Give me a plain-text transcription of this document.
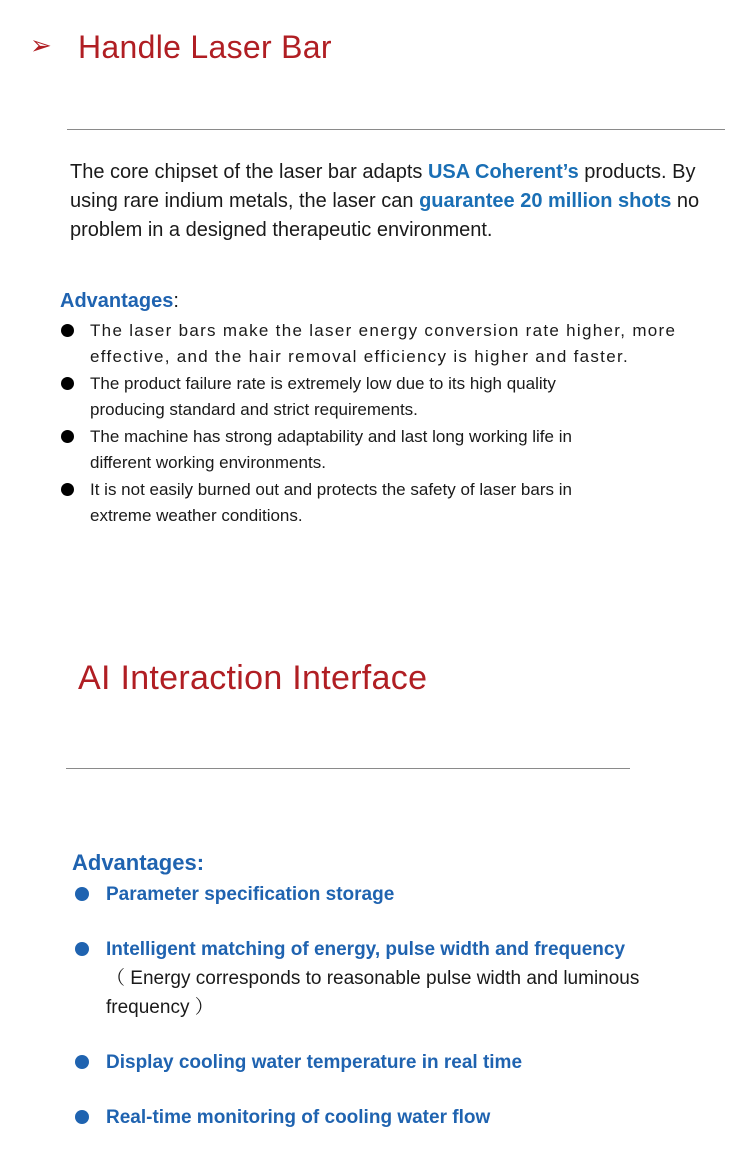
➢ Handle Laser Bar
The core chipset of the laser bar adapts USA Coherent’s products. By using rare indium metals, the laser can guarantee 20 million shots no problem in a designed therapeutic environment.
Advantages:
The laser bars make the laser energy conversion rate higher, more effective, and the hair removal efficiency is higher and faster.
The product failure rate is extremely low due to its high quality producing standard and strict requirements.
The machine has strong adaptability and last long working life in different working environments.
It is not easily burned out and protects the safety of laser bars in extreme weather conditions.
AI Interaction Interface
Advantages:
Parameter specification storage
Intelligent matching of energy, pulse width and frequency （ Energy corresponds to reasonable pulse width and luminous frequency ）
Display cooling water temperature in real time
Real-time monitoring of cooling water flow
